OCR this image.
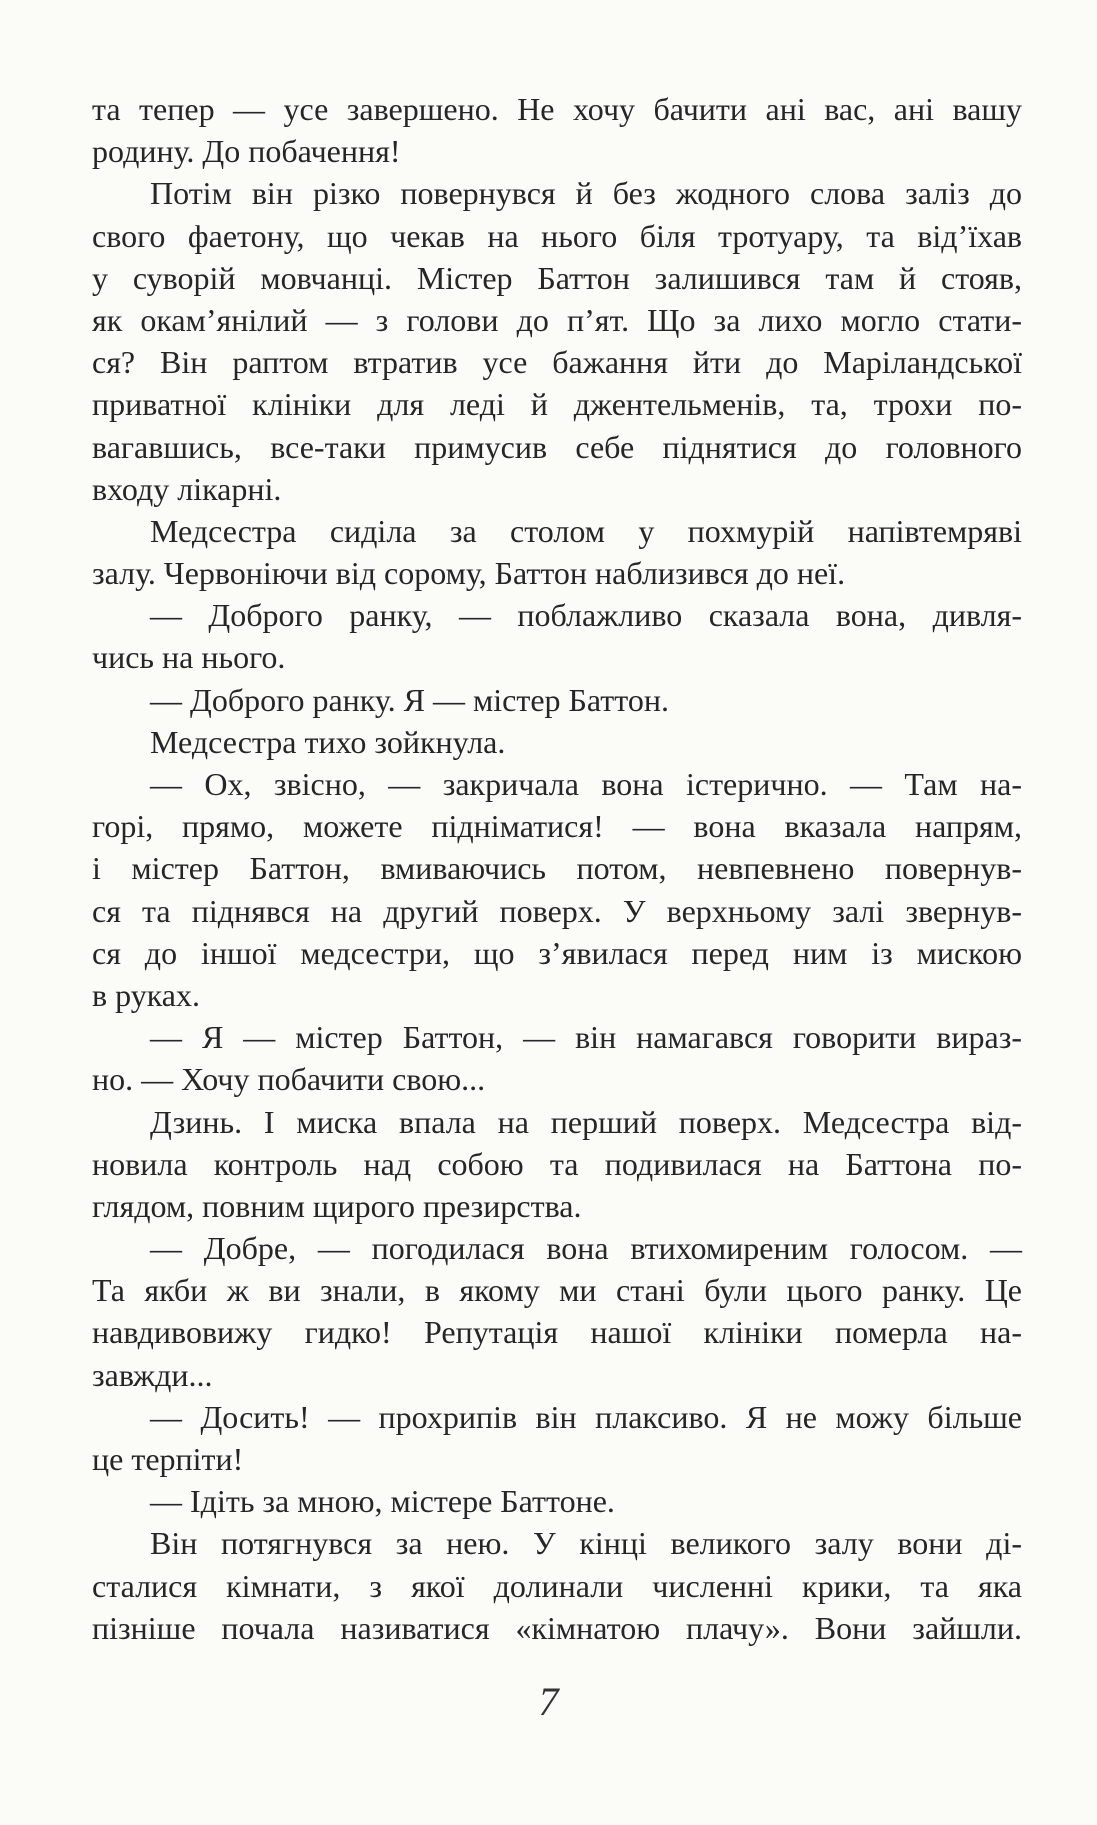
та тепер — усе завершено. Не хочу бачити ані вас, ані вашу
родину. До побачення!
Потім він різко повернувся й без жодного слова заліз до
свого фаетону, що чекав на нього біля тротуару, та від’їхав
у суворій мовчанці. Містер Баттон залишився там й стояв,
як окам’янілий — з голови до п’ят. Що за лихо могло стати-
ся? Він раптом втратив усе бажання йти до Маріландської
приватної клініки для леді й джентельменів, та, трохи по-
вагавшись, все-таки примусив себе піднятися до головного
входу лікарні.
Медсестра сиділа за столом у похмурій напівтемряві
залу. Червоніючи від сорому, Баттон наблизився до неї.
— Доброго ранку, — поблажливо сказала вона, дивля-
чись на нього.
— Доброго ранку. Я — містер Баттон.
Медсестра тихо зойкнула.
— Ох, звісно, — закричала вона істерично. — Там на-
горі, прямо, можете підніматися! — вона вказала напрям,
і містер Баттон, вмиваючись потом, невпевнено повернув-
ся та піднявся на другий поверх. У верхньому залі звернув-
ся до іншої медсестри, що з’явилася перед ним із мискою
в руках.
— Я — містер Баттон, — він намагався говорити вираз-
но. — Хочу побачити свою...
Дзинь. І миска впала на перший поверх. Медсестра від-
новила контроль над собою та подивилася на Баттона по-
глядом, повним щирого презирства.
— Добре, — погодилася вона втихомиреним голосом. —
Та якби ж ви знали, в якому ми стані були цього ранку. Це
навдивовижу гидко! Репутація нашої клініки померла на-
завжди...
— Досить! — прохрипів він плаксиво. Я не можу більше
це терпіти!
— Ідіть за мною, містере Баттоне.
Він потягнувся за нею. У кінці великого залу вони ді-
сталися кімнати, з якої долинали численні крики, та яка
пізніше почала називатися «кімнатою плачу». Вони зайшли.
7
